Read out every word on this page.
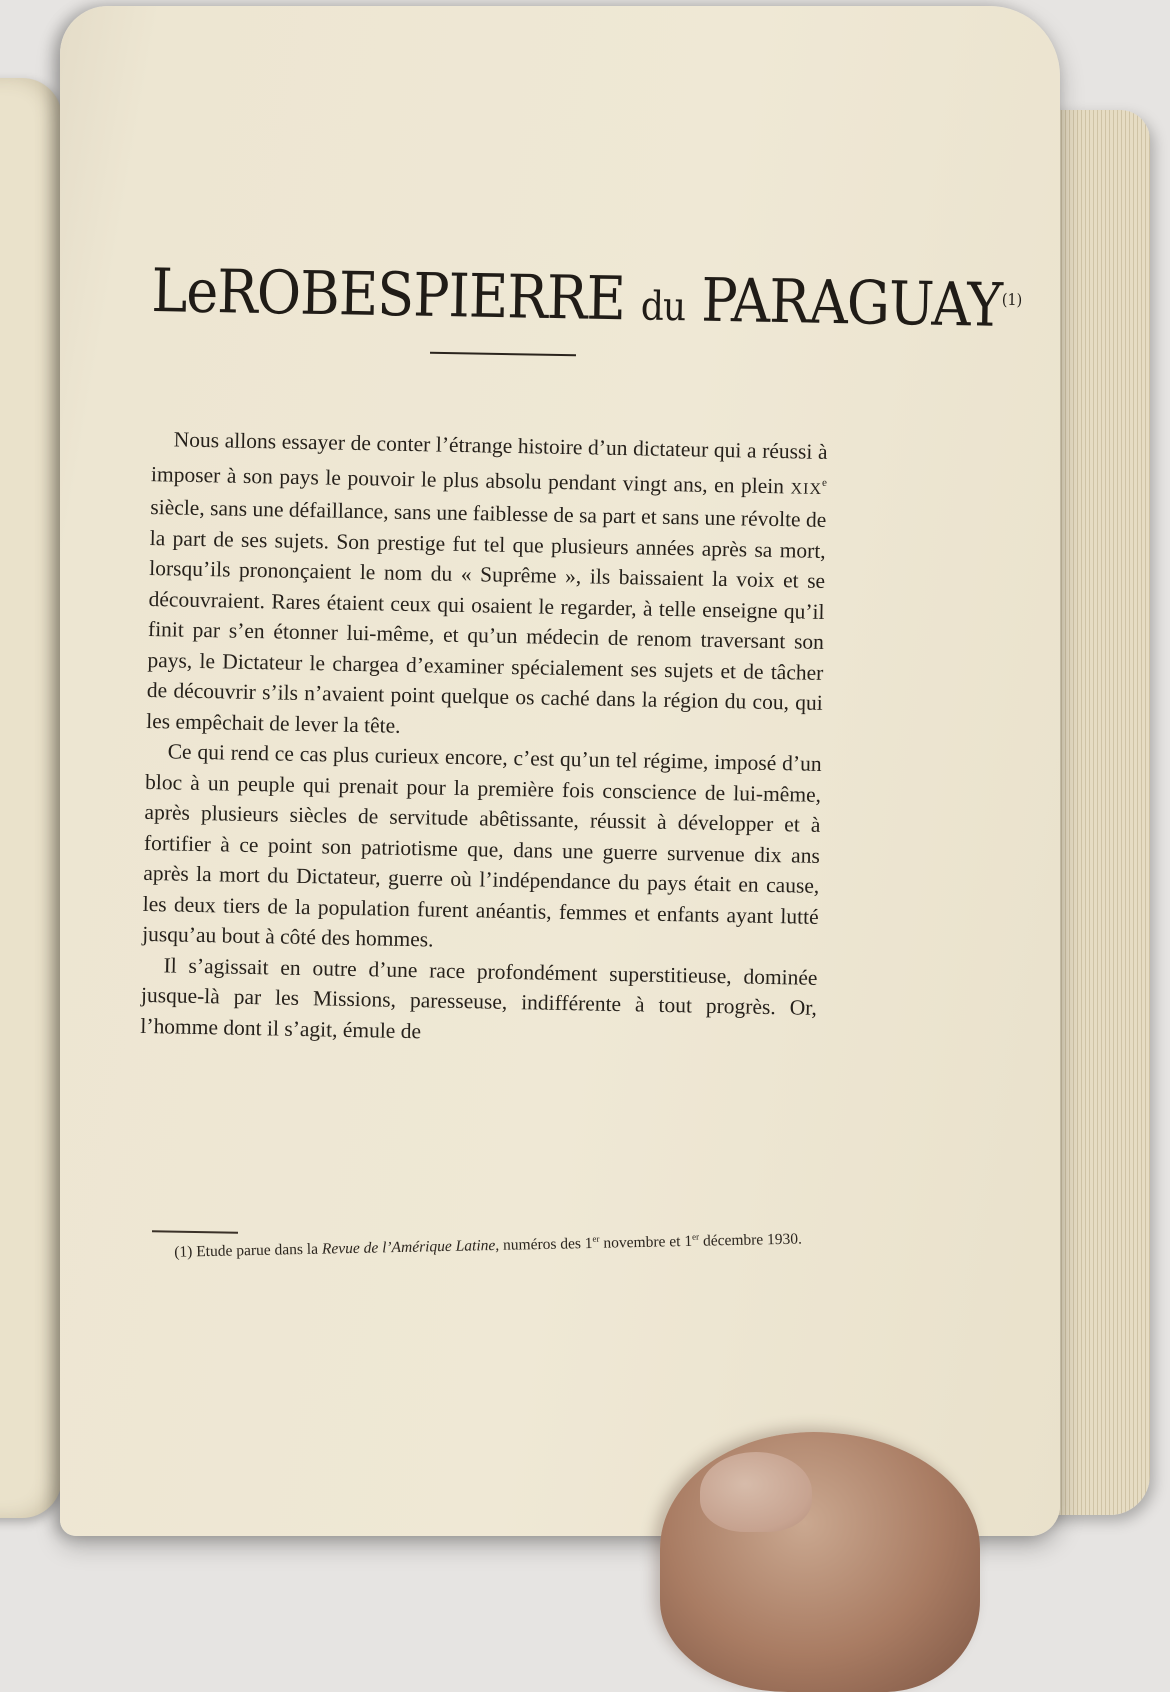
LeROBESPIERRE du PARAGUAY$^{(1)}$

Nous allons essayer de conter l’étrange histoire d’un dictateur qui a réussi à imposer à son pays le pouvoir le plus absolu pendant vingt ans, en plein XIXe siècle, sans une défaillance, sans une faiblesse de sa part et sans une révolte de la part de ses sujets. Son prestige fut tel que plusieurs années après sa mort, lorsqu’ils prononçaient le nom du « Suprême », ils baissaient la voix et se découvraient. Rares étaient ceux qui osaient le regarder, à telle enseigne qu’il finit par s’en étonner lui-même, et qu’un médecin de renom traversant son pays, le Dictateur le chargea d’examiner spécialement ses sujets et de tâcher de découvrir s’ils n’avaient point quelque os caché dans la région du cou, qui les empêchait de lever la tête.

Ce qui rend ce cas plus curieux encore, c’est qu’un tel régime, imposé d’un bloc à un peuple qui prenait pour la première fois conscience de lui-même, après plusieurs siècles de servitude abêtissante, réussit à développer et à fortifier à ce point son patriotisme que, dans une guerre survenue dix ans après la mort du Dictateur, guerre où l’indépendance du pays était en cause, les deux tiers de la population furent anéantis, femmes et enfants ayant lutté jusqu’au bout à côté des hommes.

Il s’agissait en outre d’une race profondément superstitieuse, dominée jusque-là par les Missions, paresseuse, indifférente à tout progrès. Or, l’homme dont il s’agit, émule de

(1) Etude parue dans la Revue de l’Amérique Latine, numéros des 1er novembre et 1er décembre 1930.
